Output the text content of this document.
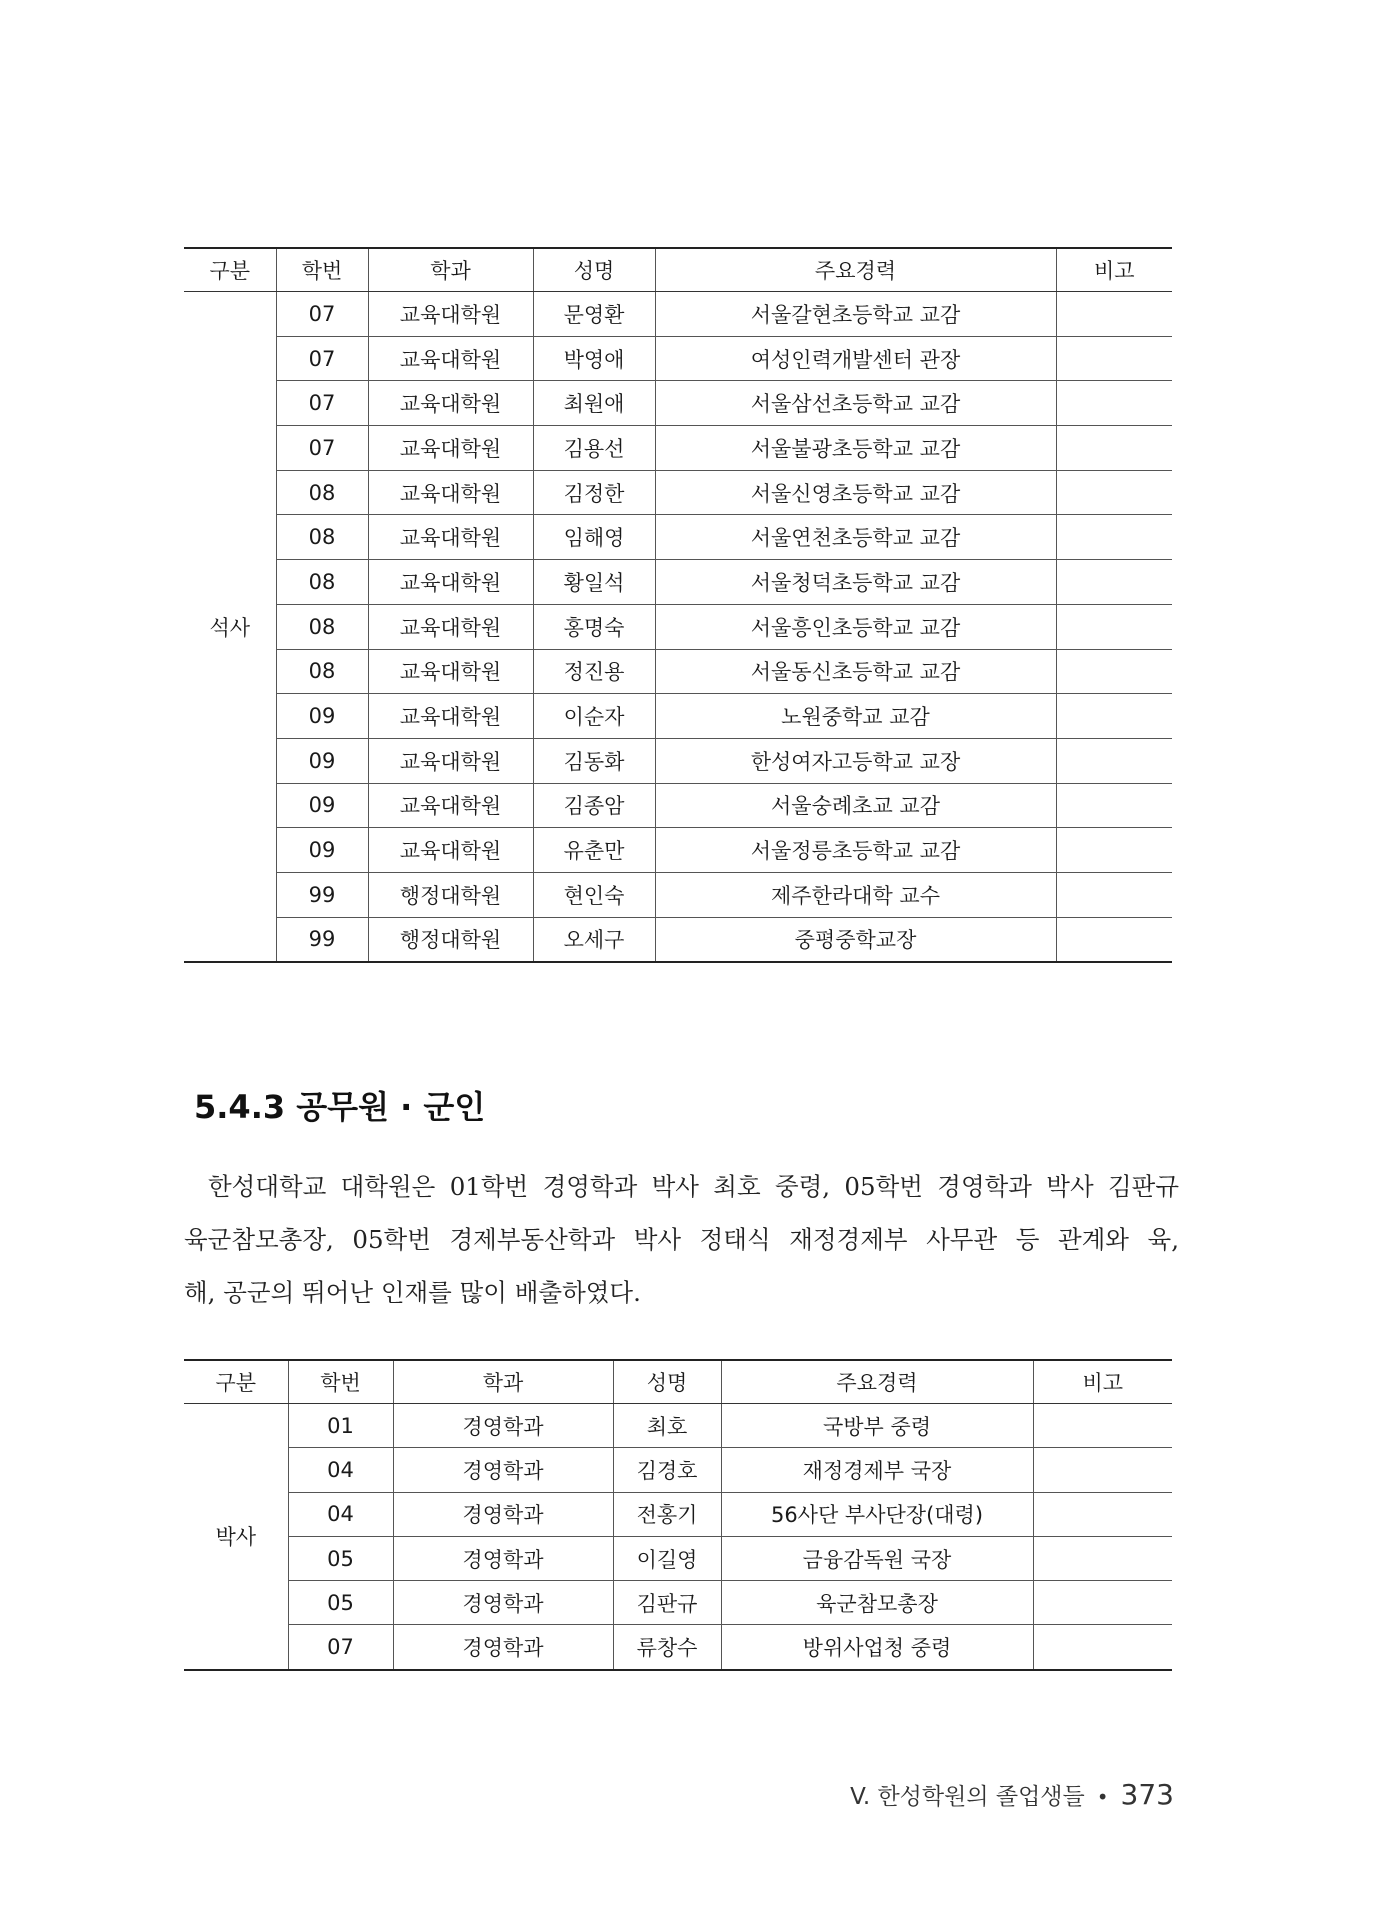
구분	학번	학과	성명	주요경력	비고
석사	07	교육대학원	문영환	서울갈현초등학교 교감	
	07	교육대학원	박영애	여성인력개발센터 관장	
	07	교육대학원	최원애	서울삼선초등학교 교감	
	07	교육대학원	김용선	서울불광초등학교 교감	
	08	교육대학원	김정한	서울신영초등학교 교감	
	08	교육대학원	임해영	서울연천초등학교 교감	
	08	교육대학원	황일석	서울청덕초등학교 교감	
	08	교육대학원	홍명숙	서울흥인초등학교 교감	
	08	교육대학원	정진용	서울동신초등학교 교감	
	09	교육대학원	이순자	노원중학교 교감	
	09	교육대학원	김동화	한성여자고등학교 교장	
	09	교육대학원	김종암	서울숭례초교 교감	
	09	교육대학원	유춘만	서울정릉초등학교 교감	
	99	행정대학원	현인숙	제주한라대학 교수	
	99	행정대학원	오세구	중평중학교장	
5.4.3 공무원 · 군인

한성대학교 대학원은 01학번 경영학과 박사 최호 중령, 05학번 경영학과 박사 김판규

육군참모총장, 05학번 경제부동산학과 박사 정태식 재정경제부 사무관 등 관계와 육,

해, 공군의 뛰어난 인재를 많이 배출하였다.

구분	학번	학과	성명	주요경력	비고
박사	01	경영학과	최호	국방부 중령	
	04	경영학과	김경호	재정경제부 국장	
	04	경영학과	전홍기	56사단 부사단장(대령)	
	05	경영학과	이길영	금융감독원 국장	
	05	경영학과	김판규	육군참모총장	
	07	경영학과	류창수	방위사업청 중령	
V. 한성학원의 졸업생들 • 373
